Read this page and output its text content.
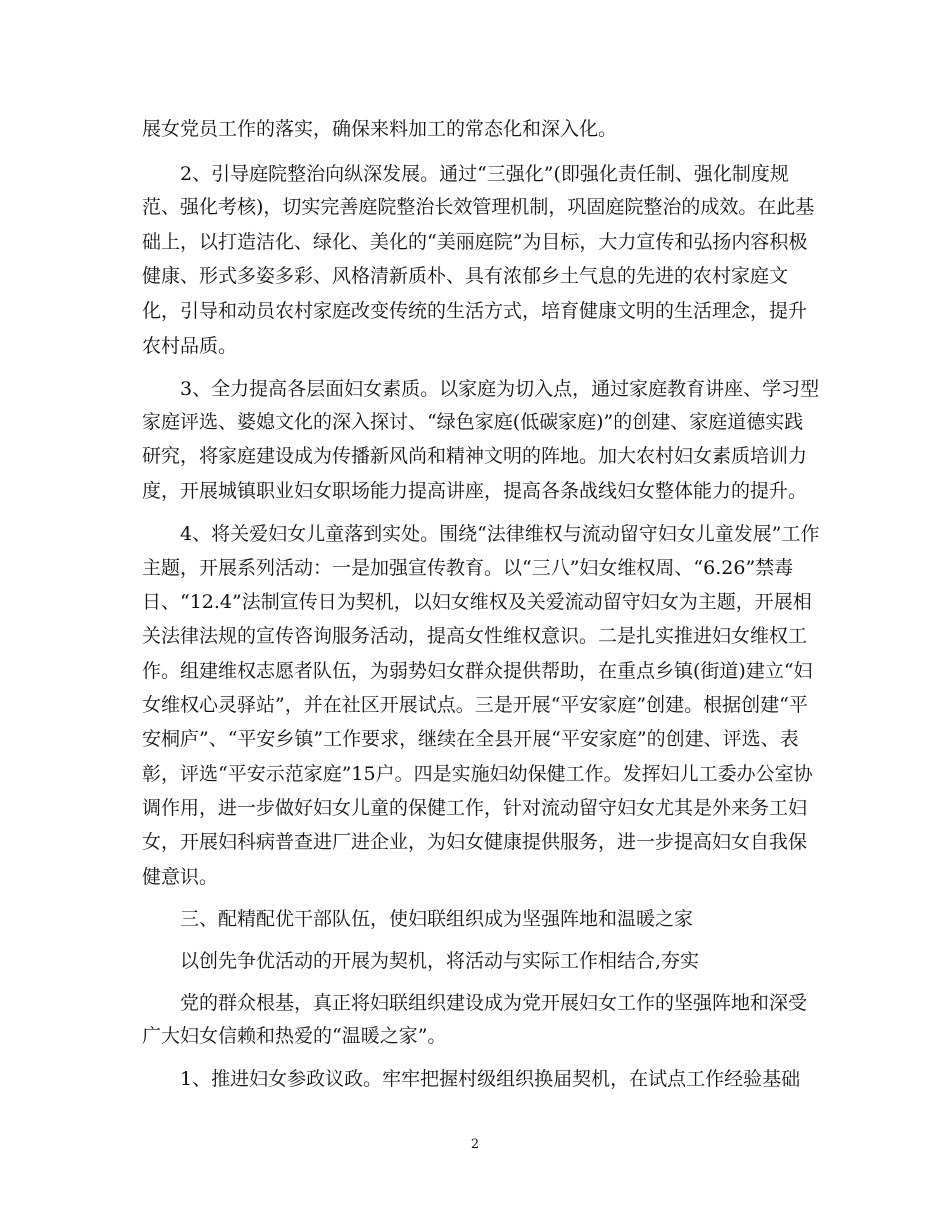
展女党员工作的落实，确保来料加工的常态化和深入化。
2、引导庭院整治向纵深发展。通过“三强化”(即强化责任制、强化制度规
范、强化考核)，切实完善庭院整治长效管理机制，巩固庭院整治的成效。在此基
础上，以打造洁化、绿化、美化的“美丽庭院”为目标，大力宣传和弘扬内容积极
健康、形式多姿多彩、风格清新质朴、具有浓郁乡土气息的先进的农村家庭文
化，引导和动员农村家庭改变传统的生活方式，培育健康文明的生活理念，提升
农村品质。
3、全力提高各层面妇女素质。以家庭为切入点，通过家庭教育讲座、学习型
家庭评选、婆媳文化的深入探讨、“绿色家庭(低碳家庭)”的创建、家庭道德实践
研究，将家庭建设成为传播新风尚和精神文明的阵地。加大农村妇女素质培训力
度，开展城镇职业妇女职场能力提高讲座，提高各条战线妇女整体能力的提升。
4、将关爱妇女儿童落到实处。围绕“法律维权与流动留守妇女儿童发展”工作
主题，开展系列活动：一是加强宣传教育。以“三八”妇女维权周、“6.26”禁毒
日、“12.4”法制宣传日为契机，以妇女维权及关爱流动留守妇女为主题，开展相
关法律法规的宣传咨询服务活动，提高女性维权意识。二是扎实推进妇女维权工
作。组建维权志愿者队伍，为弱势妇女群众提供帮助，在重点乡镇(街道)建立“妇
女维权心灵驿站”，并在社区开展试点。三是开展“平安家庭”创建。根据创建“平
安桐庐”、“平安乡镇”工作要求，继续在全县开展“平安家庭”的创建、评选、表
彰，评选“平安示范家庭”15户。四是实施妇幼保健工作。发挥妇儿工委办公室协
调作用，进一步做好妇女儿童的保健工作，针对流动留守妇女尤其是外来务工妇
女，开展妇科病普查进厂进企业，为妇女健康提供服务，进一步提高妇女自我保
健意识。
三、配精配优干部队伍，使妇联组织成为坚强阵地和温暖之家
以创先争优活动的开展为契机，将活动与实际工作相结合,夯实
党的群众根基，真正将妇联组织建设成为党开展妇女工作的坚强阵地和深受
广大妇女信赖和热爱的“温暖之家”。
1、推进妇女参政议政。牢牢把握村级组织换届契机，在试点工作经验基础
2
